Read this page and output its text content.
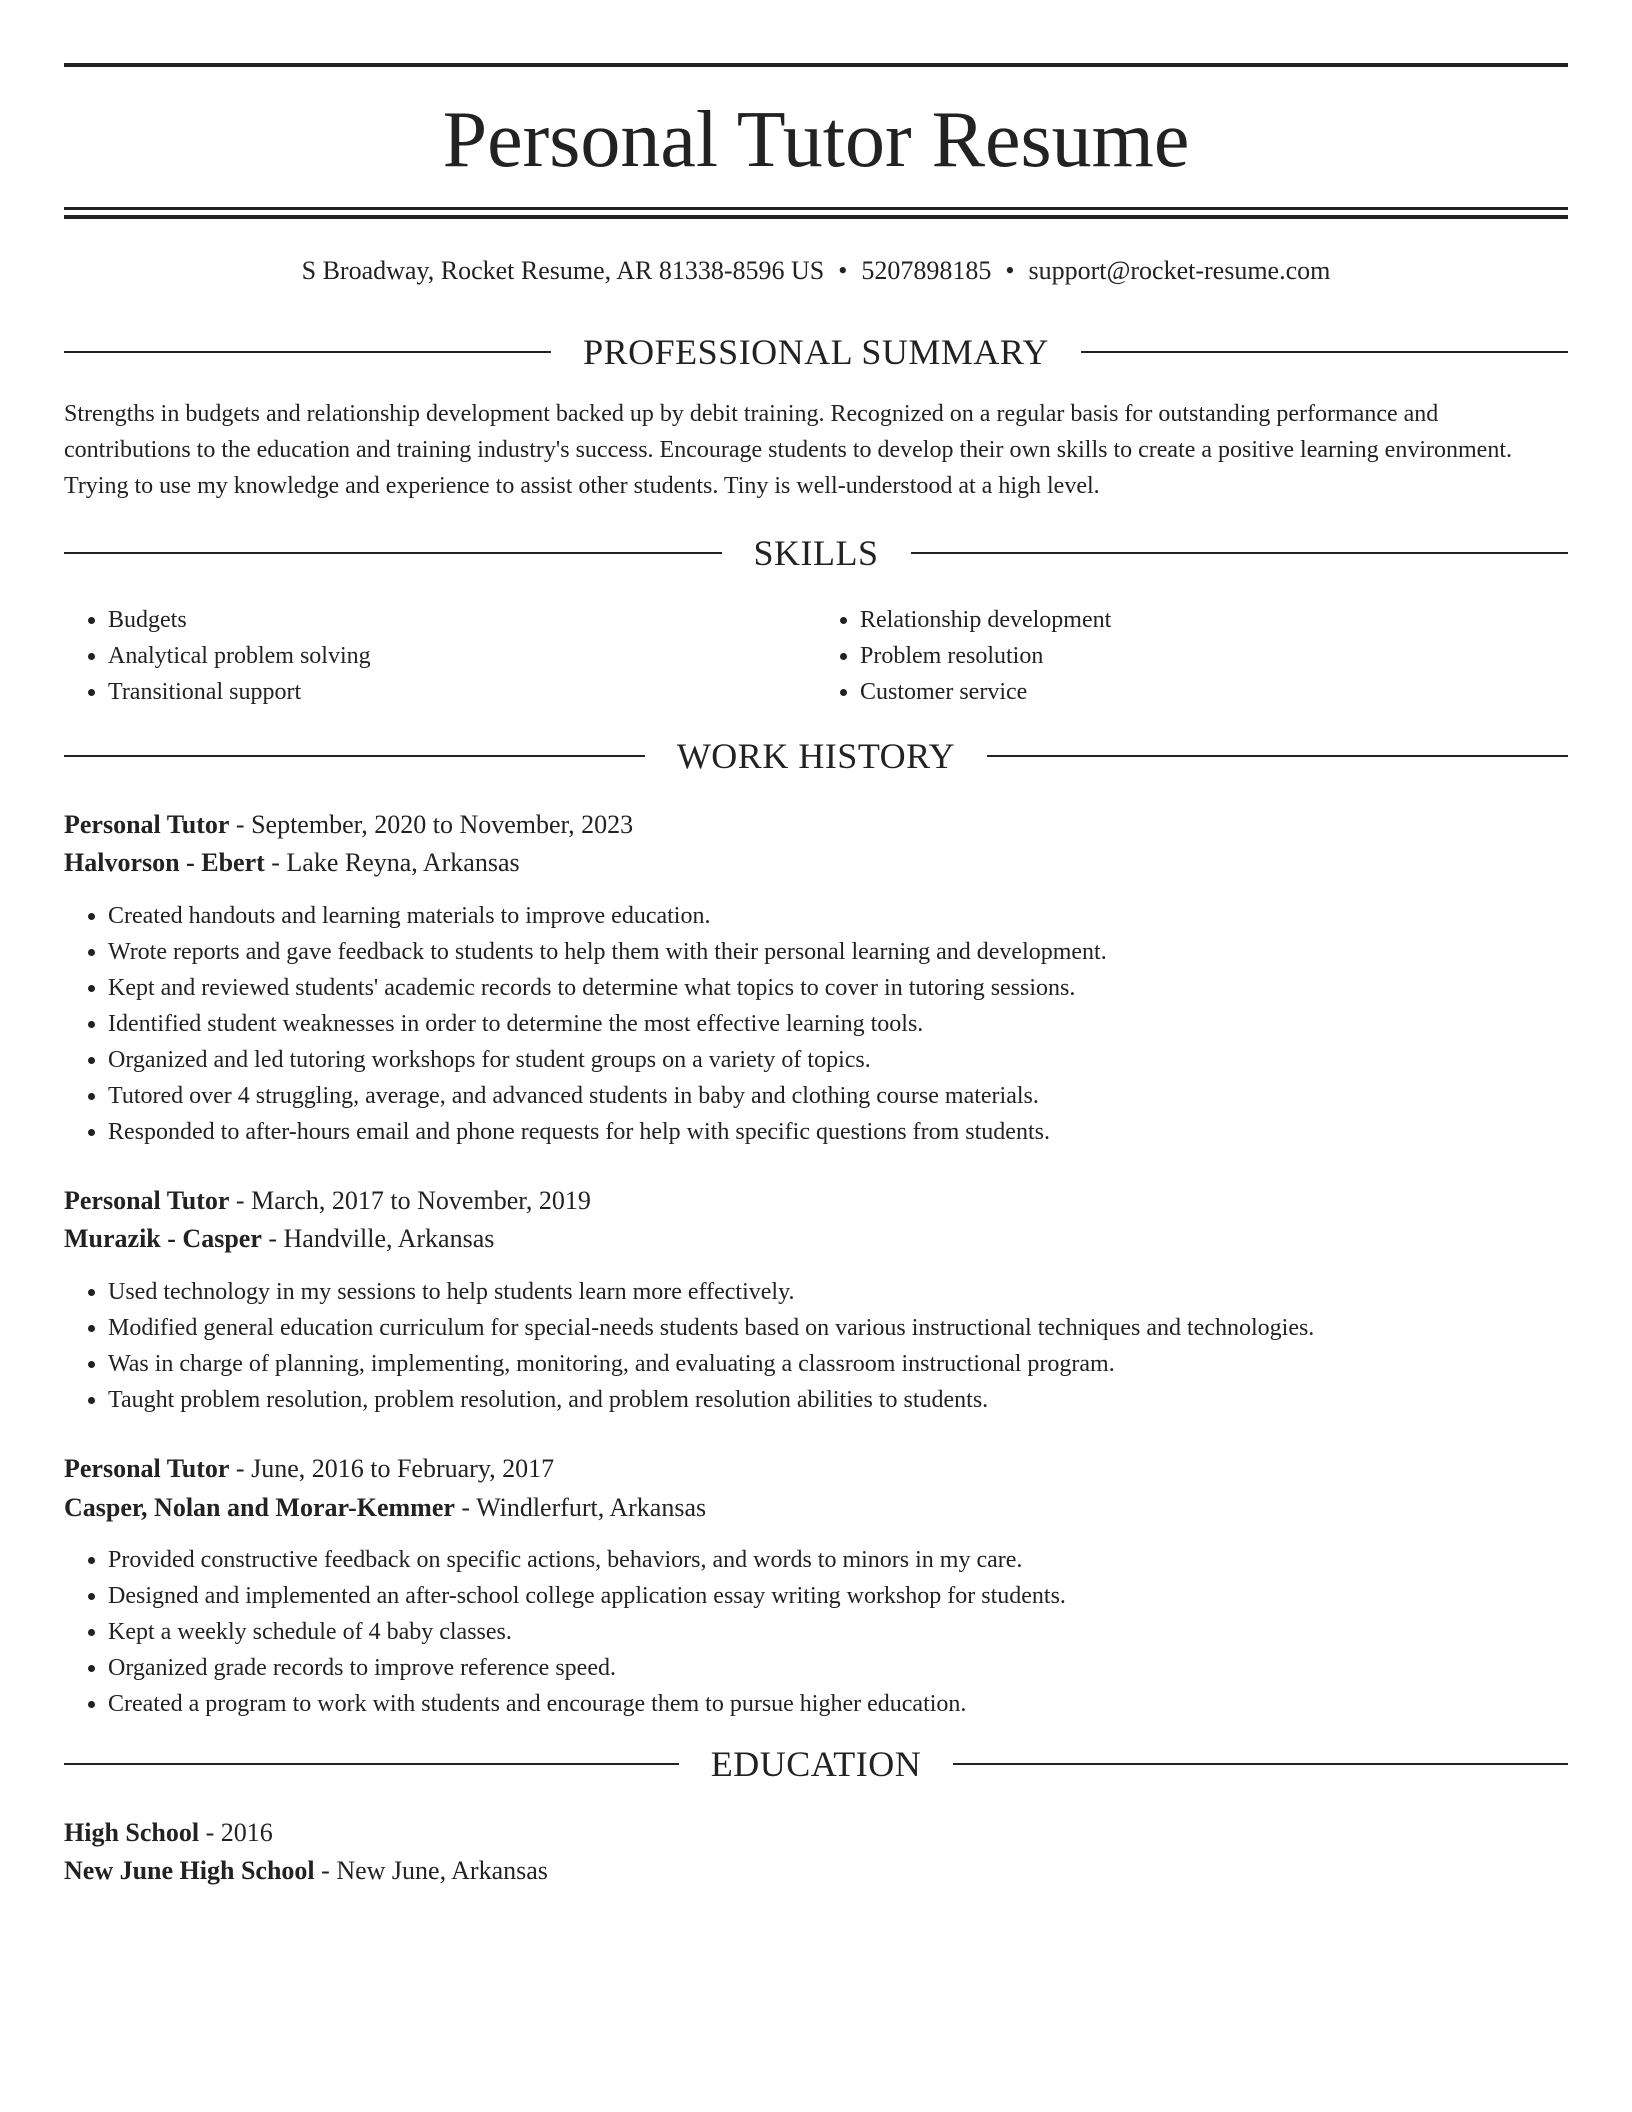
Personal Tutor Resume
S Broadway, Rocket Resume, AR 81338-8596 US • 5207898185 • support@rocket-resume.com
PROFESSIONAL SUMMARY

Strengths in budgets and relationship development backed up by debit training. Recognized on a regular basis for outstanding performance and contributions to the education and training industry's success. Encourage students to develop their own skills to create a positive learning environment. Trying to use my knowledge and experience to assist other students. Tiny is well-understood at a high level.

SKILLS
• Budgets
• Analytical problem solving
• Transitional support
• Relationship development
• Problem resolution
• Customer service
WORK HISTORY
Personal Tutor - September, 2020 to November, 2023
Halvorson - Ebert - Lake Reyna, Arkansas
• Created handouts and learning materials to improve education.
• Wrote reports and gave feedback to students to help them with their personal learning and development.
• Kept and reviewed students' academic records to determine what topics to cover in tutoring sessions.
• Identified student weaknesses in order to determine the most effective learning tools.
• Organized and led tutoring workshops for student groups on a variety of topics.
• Tutored over 4 struggling, average, and advanced students in baby and clothing course materials.
• Responded to after-hours email and phone requests for help with specific questions from students.
Personal Tutor - March, 2017 to November, 2019
Murazik - Casper - Handville, Arkansas
• Used technology in my sessions to help students learn more effectively.
• Modified general education curriculum for special-needs students based on various instructional techniques and technologies.
• Was in charge of planning, implementing, monitoring, and evaluating a classroom instructional program.
• Taught problem resolution, problem resolution, and problem resolution abilities to students.
Personal Tutor - June, 2016 to February, 2017
Casper, Nolan and Morar-Kemmer - Windlerfurt, Arkansas
• Provided constructive feedback on specific actions, behaviors, and words to minors in my care.
• Designed and implemented an after-school college application essay writing workshop for students.
• Kept a weekly schedule of 4 baby classes.
• Organized grade records to improve reference speed.
• Created a program to work with students and encourage them to pursue higher education.
EDUCATION
High School - 2016
New June High School - New June, Arkansas
